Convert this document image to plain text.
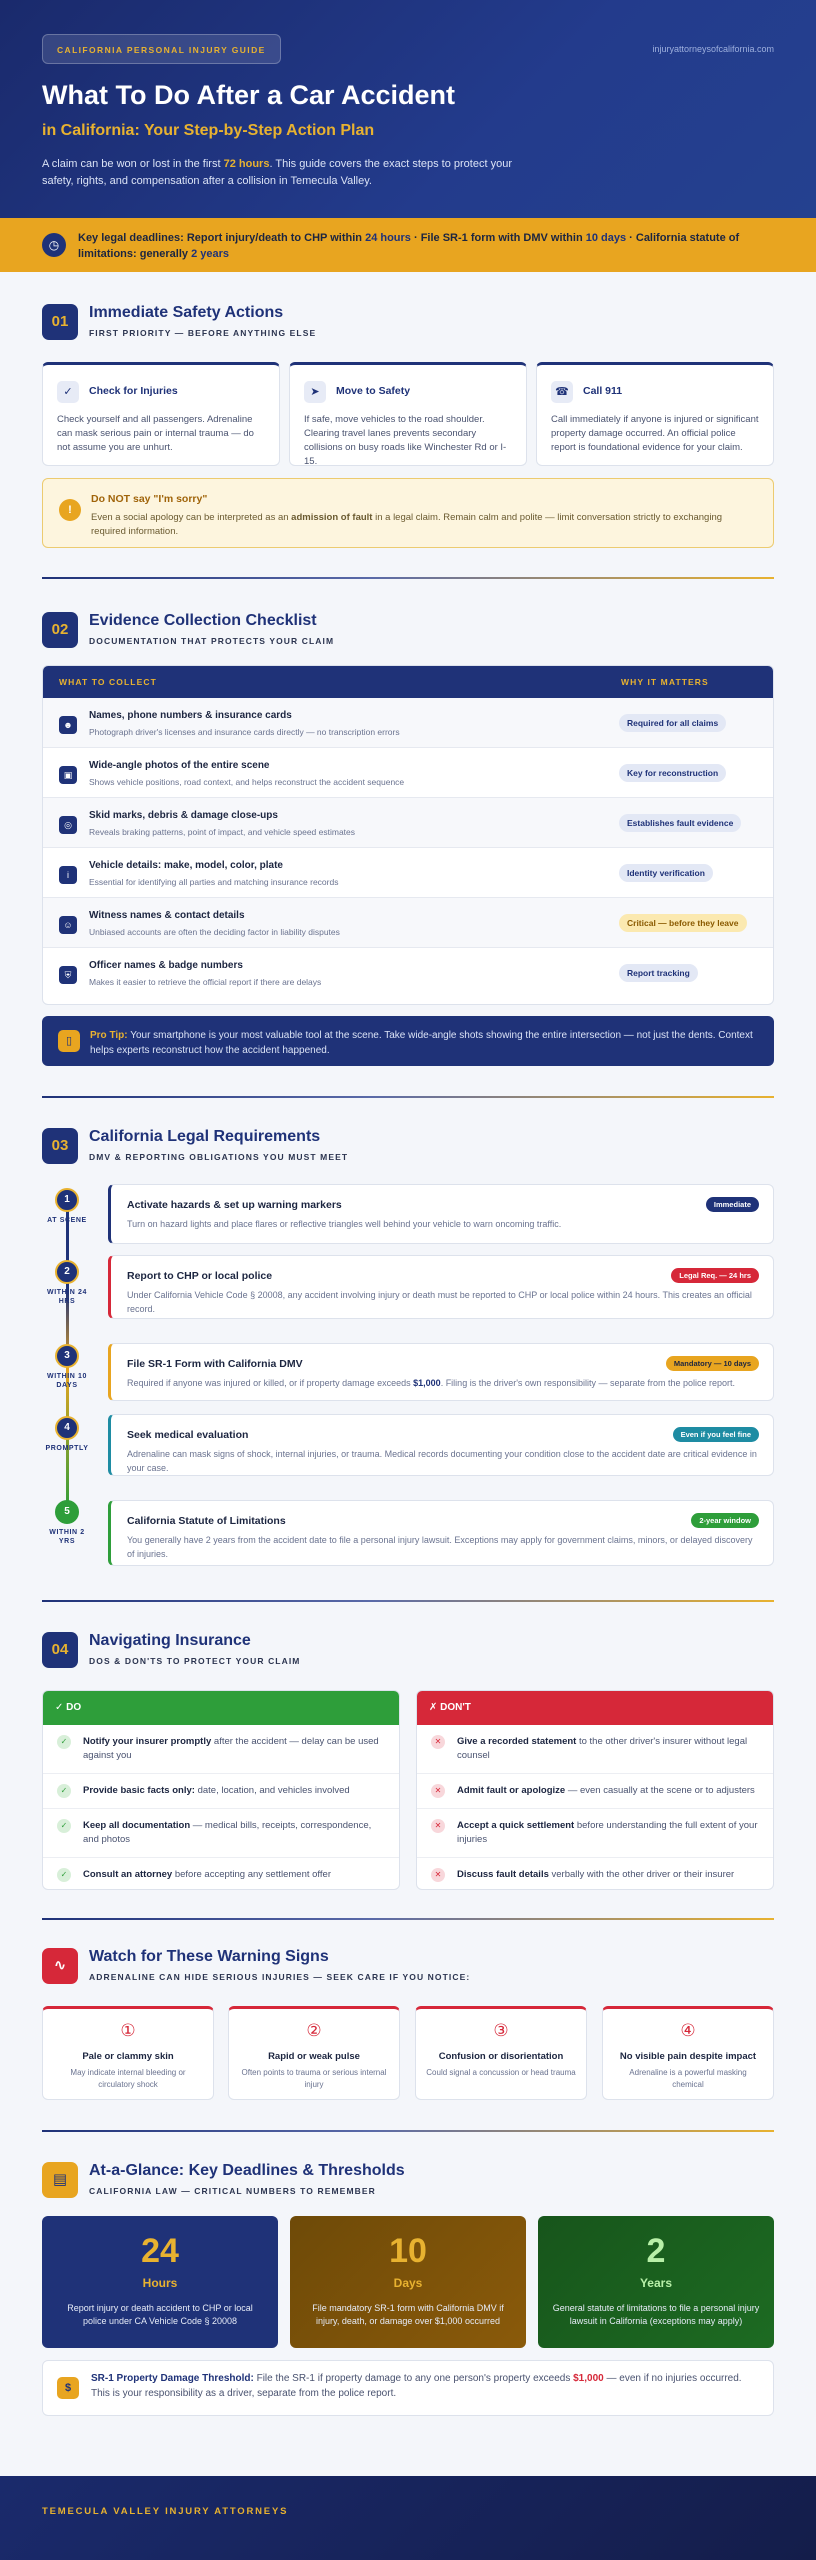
CALIFORNIA PERSONAL INJURY GUIDE	injuryattorneysofcalifornia.com
What To Do After a Car Accident
in California: Your Step-by-Step Action Plan

A claim can be won or lost in the first 72 hours. This guide covers the exact steps to protect your safety, rights, and compensation after a collision in Temecula Valley.

◷	Key legal deadlines: Report injury/death to CHP within 24 hours · File SR-1 form with DMV within 10 days · California statute of limitations: generally 2 years
01
Immediate Safety Actions
FIRST PRIORITY — BEFORE ANYTHING ELSE
✓	Check for Injuries
Check yourself and all passengers. Adrenaline can mask serious pain or internal trauma — do not assume you are unhurt.
➤	Move to Safety
If safe, move vehicles to the road shoulder. Clearing travel lanes prevents secondary collisions on busy roads like Winchester Rd or I-15.
☎	Call 911
Call immediately if anyone is injured or significant property damage occurred. An official police report is foundational evidence for your claim.
!
Do NOT say "I'm sorry"
Even a social apology can be interpreted as an admission of fault in a legal claim. Remain calm and polite — limit conversation strictly to exchanging required information.
02
Evidence Collection Checklist
DOCUMENTATION THAT PROTECTS YOUR CLAIM
WHAT TO COLLECT	WHY IT MATTERS
☻
Names, phone numbers & insurance cards
Photograph driver's licenses and insurance cards directly — no transcription errors
Required for all claims
▣
Wide-angle photos of the entire scene
Shows vehicle positions, road context, and helps reconstruct the accident sequence
Key for reconstruction
◎
Skid marks, debris & damage close-ups
Reveals braking patterns, point of impact, and vehicle speed estimates
Establishes fault evidence
i
Vehicle details: make, model, color, plate
Essential for identifying all parties and matching insurance records
Identity verification
☺
Witness names & contact details
Unbiased accounts are often the deciding factor in liability disputes
Critical — before they leave
⛨
Officer names & badge numbers
Makes it easier to retrieve the official report if there are delays
Report tracking
▯	Pro Tip: Your smartphone is your most valuable tool at the scene. Take wide-angle shots showing the entire intersection — not just the dents. Context helps experts reconstruct how the accident happened.
03
California Legal Requirements
DMV & REPORTING OBLIGATIONS YOU MUST MEET
1
AT SCENE
Activate hazards & set up warning markers
Turn on hazard lights and place flares or reflective triangles well behind your vehicle to warn oncoming traffic.
Immediate
2
WITHIN 24 HRS
Report to CHP or local police
Under California Vehicle Code § 20008, any accident involving injury or death must be reported to CHP or local police within 24 hours. This creates an official record.
Legal Req. — 24 hrs
3
WITHIN 10 DAYS
File SR-1 Form with California DMV
Required if anyone was injured or killed, or if property damage exceeds $1,000. Filing is the driver's own responsibility — separate from the police report.
Mandatory — 10 days
4
PROMPTLY
Seek medical evaluation
Adrenaline can mask signs of shock, internal injuries, or trauma. Medical records documenting your condition close to the accident date are critical evidence in your case.
Even if you feel fine
5
WITHIN 2 YRS
California Statute of Limitations
You generally have 2 years from the accident date to file a personal injury lawsuit. Exceptions may apply for government claims, minors, or delayed discovery of injuries.
2-year window
04
Navigating Insurance
DOS & DON'TS TO PROTECT YOUR CLAIM
✓ DO
✓	Notify your insurer promptly after the accident — delay can be used against you
✓	Provide basic facts only: date, location, and vehicles involved
✓	Keep all documentation — medical bills, receipts, correspondence, and photos
✓	Consult an attorney before accepting any settlement offer
✗ DON'T
✕	Give a recorded statement to the other driver's insurer without legal counsel
✕	Admit fault or apologize — even casually at the scene or to adjusters
✕	Accept a quick settlement before understanding the full extent of your injuries
✕	Discuss fault details verbally with the other driver or their insurer
∿
Watch for These Warning Signs
ADRENALINE CAN HIDE SERIOUS INJURIES — SEEK CARE IF YOU NOTICE:
①
Pale or clammy skin
May indicate internal bleeding or circulatory shock
②
Rapid or weak pulse
Often points to trauma or serious internal injury
③
Confusion or disorientation
Could signal a concussion or head trauma
④
No visible pain despite impact
Adrenaline is a powerful masking chemical
▤
At-a-Glance: Key Deadlines & Thresholds
CALIFORNIA LAW — CRITICAL NUMBERS TO REMEMBER
24
Hours
Report injury or death accident to CHP or local police under CA Vehicle Code § 20008
10
Days
File mandatory SR-1 form with California DMV if injury, death, or damage over $1,000 occurred
2
Years
General statute of limitations to file a personal injury lawsuit in California (exceptions may apply)
$
SR-1 Property Damage Threshold: File the SR-1 if property damage to any one person's property exceeds $1,000 — even if no injuries occurred. This is your responsibility as a driver, separate from the police report.
TEMECULA VALLEY INJURY ATTORNEYS
